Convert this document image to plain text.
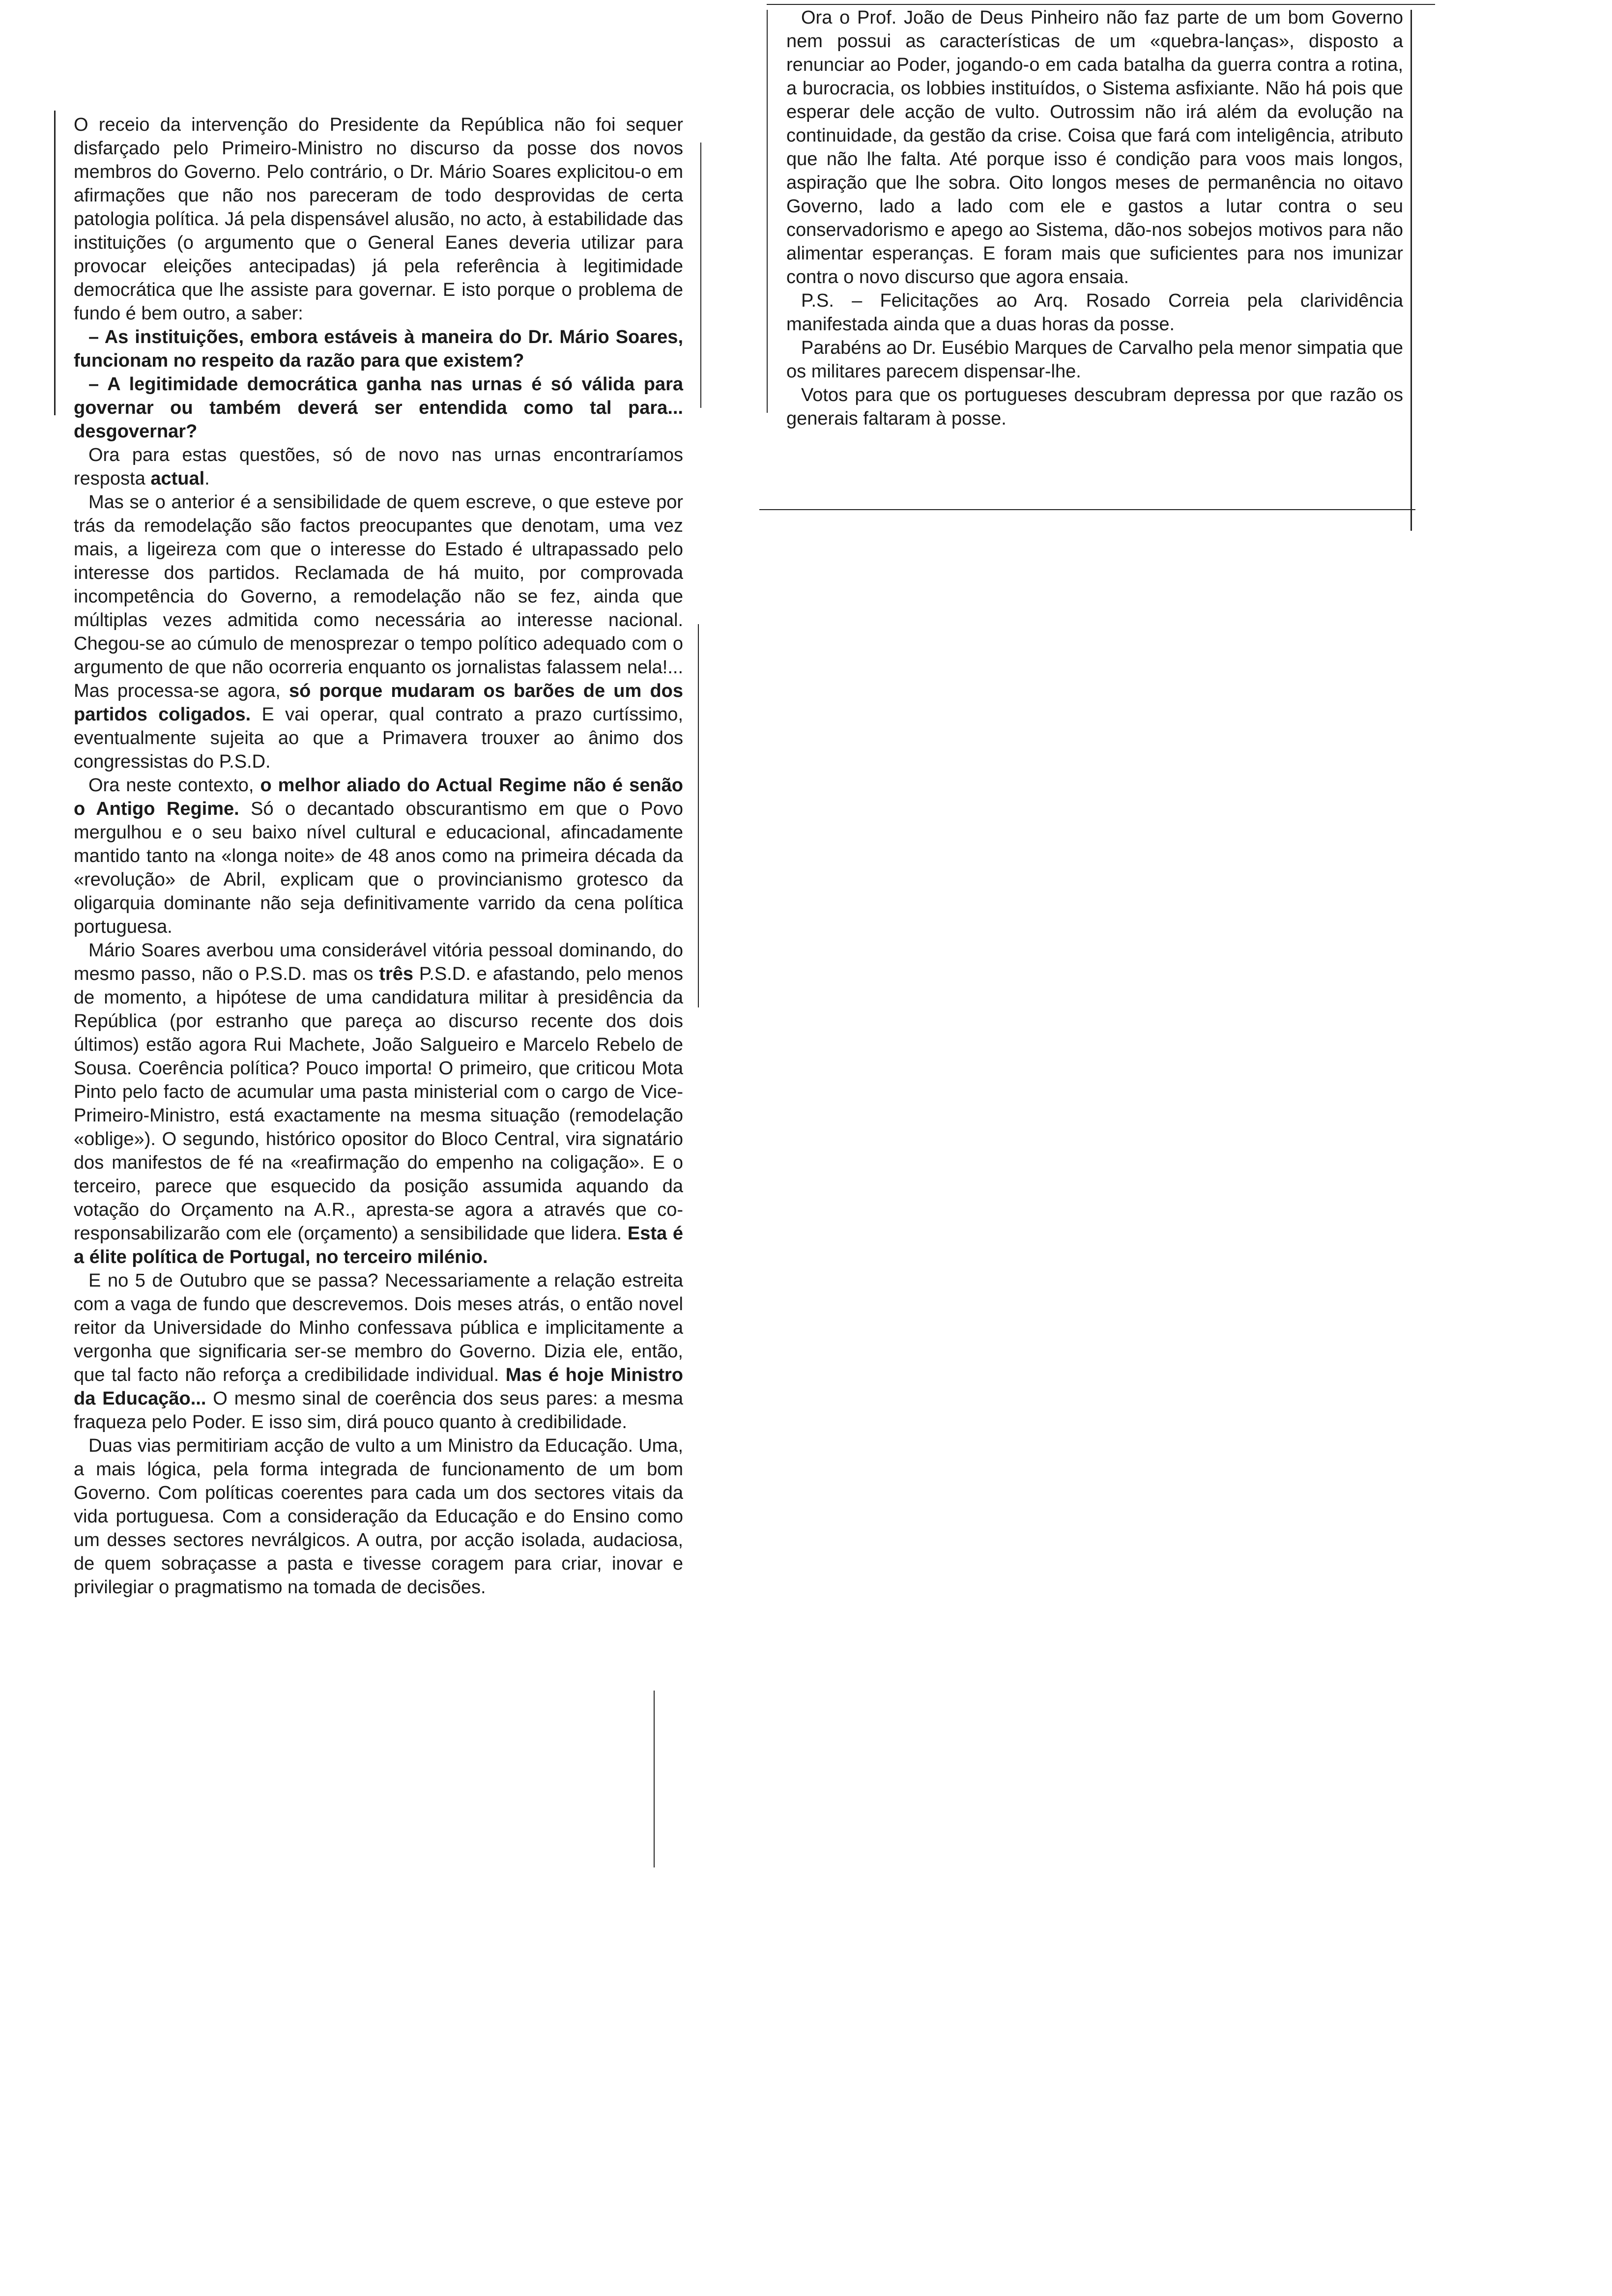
O receio da intervenção do Presidente da República não foi sequer disfarçado pelo Primeiro-Ministro no discurso da posse dos novos membros do Governo. Pelo contrário, o Dr. Mário Soares explicitou-o em afirmações que não nos pareceram de todo desprovidas de certa patologia política. Já pela dispensável alusão, no acto, à estabilidade das instituições (o argumento que o General Eanes deveria utilizar para provocar eleições antecipadas) já pela referência à legitimidade democrática que lhe assiste para governar. E isto porque o problema de fundo é bem outro, a saber:

– As instituições, embora estáveis à maneira do Dr. Mário Soares, funcionam no respeito da razão para que existem?

– A legitimidade democrática ganha nas urnas é só válida para governar ou também deverá ser entendida como tal para... desgovernar?

Ora para estas questões, só de novo nas urnas encontraríamos resposta actual.

Mas se o anterior é a sensibilidade de quem escreve, o que esteve por trás da remodelação são factos preocupantes que denotam, uma vez mais, a ligeireza com que o interesse do Estado é ultrapassado pelo interesse dos partidos. Reclamada de há muito, por comprovada incompetência do Governo, a remodelação não se fez, ainda que múltiplas vezes admitida como necessária ao interesse nacional. Chegou-se ao cúmulo de menosprezar o tempo político adequado com o argumento de que não ocorreria enquanto os jornalistas falassem nela!... Mas processa-se agora, só porque mudaram os barões de um dos partidos coligados. E vai operar, qual contrato a prazo curtíssimo, eventualmente sujeita ao que a Primavera trouxer ao ânimo dos congressistas do P.S.D.

Ora neste contexto, o melhor aliado do Actual Regime não é senão o Antigo Regime. Só o decantado obscurantismo em que o Povo mergulhou e o seu baixo nível cultural e educacional, afincadamente mantido tanto na «longa noite» de 48 anos como na primeira década da «revolução» de Abril, explicam que o provincianismo grotesco da oligarquia dominante não seja definitivamente varrido da cena política portuguesa.

Mário Soares averbou uma considerável vitória pessoal dominando, do mesmo passo, não o P.S.D. mas os três P.S.D. e afastando, pelo menos de momento, a hipótese de uma candidatura militar à presidência da República (por estranho que pareça ao discurso recente dos dois últimos) estão agora Rui Machete, João Salgueiro e Marcelo Rebelo de Sousa. Coerência política? Pouco importa! O primeiro, que criticou Mota Pinto pelo facto de acumular uma pasta ministerial com o cargo de Vice-Primeiro-Ministro, está exactamente na mesma situação (remodelação «oblige»). O segundo, histórico opositor do Bloco Central, vira signatário dos manifestos de fé na «reafirmação do empenho na coligação». E o terceiro, parece que esquecido da posição assumida aquando da votação do Orçamento na A.R., apresta-se agora a através que co-responsabilizarão com ele (orçamento) a sensibilidade que lidera. Esta é a élite política de Portugal, no terceiro milénio.

E no 5 de Outubro que se passa? Necessariamente a relação estreita com a vaga de fundo que descrevemos. Dois meses atrás, o então novel reitor da Universidade do Minho confessava pública e implicitamente a vergonha que significaria ser-se membro do Governo. Dizia ele, então, que tal facto não reforça a credibilidade individual. Mas é hoje Ministro da Educação... O mesmo sinal de coerência dos seus pares: a mesma fraqueza pelo Poder. E isso sim, dirá pouco quanto à credibilidade.

Duas vias permitiriam acção de vulto a um Ministro da Educação. Uma, a mais lógica, pela forma integrada de funcionamento de um bom Governo. Com políticas coerentes para cada um dos sectores vitais da vida portuguesa. Com a consideração da Educação e do Ensino como um desses sectores nevrálgicos. A outra, por acção isolada, audaciosa, de quem sobraçasse a pasta e tivesse coragem para criar, inovar e privilegiar o pragmatismo na tomada de decisões.

Ora o Prof. João de Deus Pinheiro não faz parte de um bom Governo nem possui as características de um «quebra-lanças», disposto a renunciar ao Poder, jogando-o em cada batalha da guerra contra a rotina, a burocracia, os lobbies instituídos, o Sistema asfixiante. Não há pois que esperar dele acção de vulto. Outrossim não irá além da evolução na continuidade, da gestão da crise. Coisa que fará com inteligência, atributo que não lhe falta. Até porque isso é condição para voos mais longos, aspiração que lhe sobra. Oito longos meses de permanência no oitavo Governo, lado a lado com ele e gastos a lutar contra o seu conservadorismo e apego ao Sistema, dão-nos sobejos motivos para não alimentar esperanças. E foram mais que suficientes para nos imunizar contra o novo discurso que agora ensaia.

P.S. – Felicitações ao Arq. Rosado Correia pela clarividência manifestada ainda que a duas horas da posse.

Parabéns ao Dr. Eusébio Marques de Carvalho pela menor simpatia que os militares parecem dispensar-lhe.

Votos para que os portugueses descubram depressa por que razão os generais faltaram à posse.
